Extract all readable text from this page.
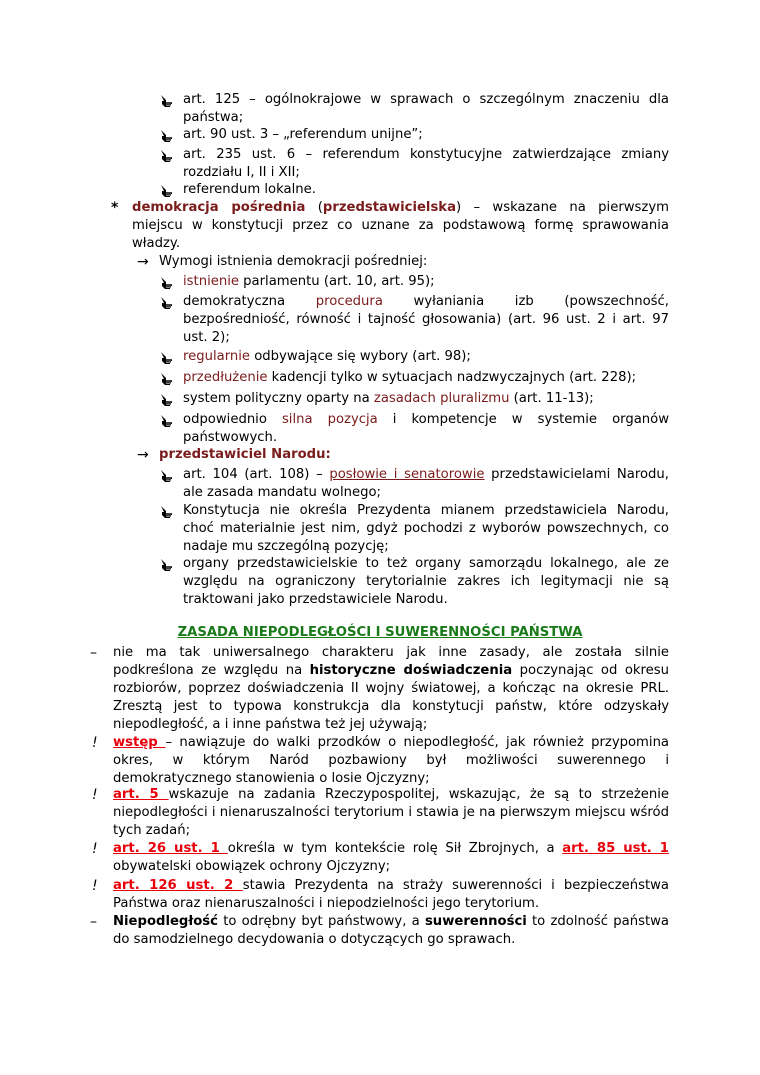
art. 125 – ogólnokrajowe w sprawach o szczególnym znaczeniu dla państwa;
art. 90 ust. 3 – „referendum unijne”;
art. 235 ust. 6 – referendum konstytucyjne zatwierdzające zmiany rozdziału I, II i XII;
referendum lokalne.
* demokracja pośrednia (przedstawicielska) – wskazane na pierwszym miejscu w konstytucji przez co uznane za podstawową formę sprawowania władzy.
→ Wymogi istnienia demokracji pośredniej:
istnienie parlamentu (art. 10, art. 95);
demokratyczna procedura wyłaniania izb (powszechność, bezpośredniość, równość i tajność głosowania) (art. 96 ust. 2 i art. 97 ust. 2);
regularnie odbywające się wybory (art. 98);
przedłużenie kadencji tylko w sytuacjach nadzwyczajnych (art. 228);
system polityczny oparty na zasadach pluralizmu (art. 11-13);
odpowiednio silna pozycja i kompetencje w systemie organów państwowych.
→ przedstawiciel Narodu:
art. 104 (art. 108) – posłowie i senatorowie przedstawicielami Narodu, ale zasada mandatu wolnego;
Konstytucja nie określa Prezydenta mianem przedstawiciela Narodu, choć materialnie jest nim, gdyż pochodzi z wyborów powszechnych, co nadaje mu szczególną pozycję;
organy przedstawicielskie to też organy samorządu lokalnego, ale ze względu na ograniczony terytorialnie zakres ich legitymacji nie są traktowani jako przedstawiciele Narodu.
ZASADA NIEPODLEGŁOŚCI I SUWERENNOŚCI PAŃSTWA
– nie ma tak uniwersalnego charakteru jak inne zasady, ale została silnie podkreślona ze względu na historyczne doświadczenia poczynając od okresu rozbiorów, poprzez doświadczenia II wojny światowej, a kończąc na okresie PRL. Zresztą jest to typowa konstrukcja dla konstytucji państw, które odzyskały niepodległość, a i inne państwa też jej używają;
! wstęp – nawiązuje do walki przodków o niepodległość, jak również przypomina okres, w którym Naród pozbawiony był możliwości suwerennego i demokratycznego stanowienia o losie Ojczyzny;
! art. 5 wskazuje na zadania Rzeczypospolitej, wskazując, że są to strzeżenie niepodległości i nienaruszalności terytorium i stawia je na pierwszym miejscu wśród tych zadań;
! art. 26 ust. 1 określa w tym kontekście rolę Sił Zbrojnych, a art. 85 ust. 1 obywatelski obowiązek ochrony Ojczyzny;
! art. 126 ust. 2 stawia Prezydenta na straży suwerenności i bezpieczeństwa Państwa oraz nienaruszalności i niepodzielności jego terytorium.
– Niepodległość to odrębny byt państwowy, a suwerenności to zdolność państwa do samodzielnego decydowania o dotyczących go sprawach.
